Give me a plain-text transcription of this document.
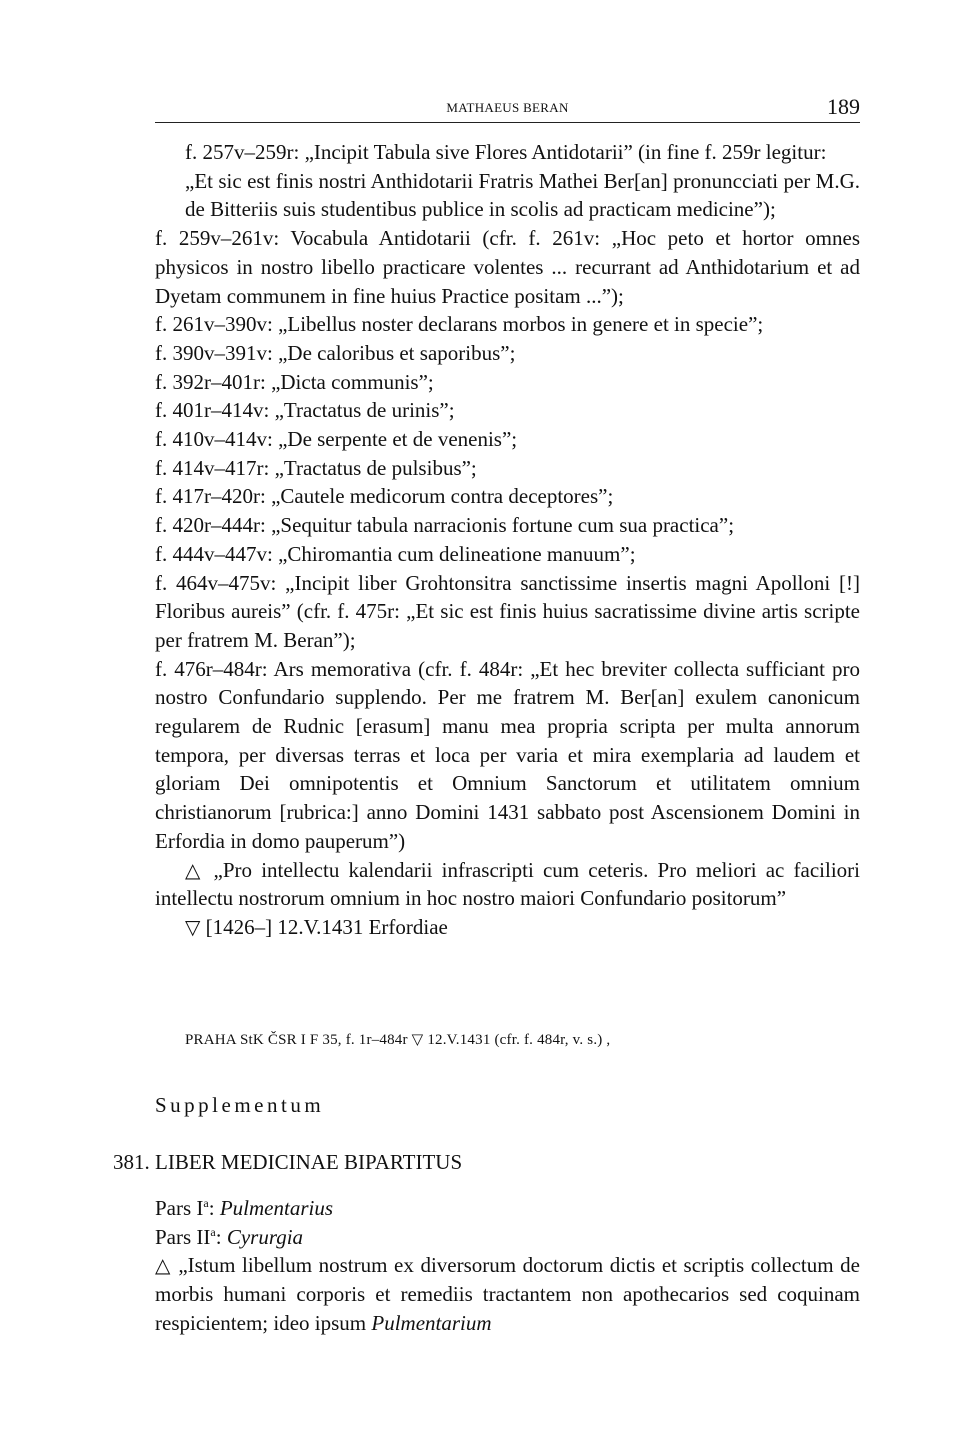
MATHAEUS BERAN	189

f. 257v–259r: „Incipit Tabula sive Flores Antidotarii” (in fine f. 259r legitur:

„Et sic est finis nostri Anthidotarii Fratris Mathei Ber[an] pronuncciati per M.G. de Bitteriis suis studentibus publice in scolis ad practicam medicine”);

f. 259v–261v: Vocabula Antidotarii (cfr. f. 261v: „Hoc peto et hortor omnes physicos in nostro libello practicare volentes ... recurrant ad Anthidotarium et ad Dyetam communem in fine huius Practice positam ...”);

f. 261v–390v: „Libellus noster declarans morbos in genere et in specie”;

f. 390v–391v: „De caloribus et saporibus”;

f. 392r–401r: „Dicta communis”;

f. 401r–414v: „Tractatus de urinis”;

f. 410v–414v: „De serpente et de venenis”;

f. 414v–417r: „Tractatus de pulsibus”;

f. 417r–420r: „Cautele medicorum contra deceptores”;

f. 420r–444r: „Sequitur tabula narracionis fortune cum sua practica”;

f. 444v–447v: „Chiromantia cum delineatione manuum”;

f. 464v–475v: „Incipit liber Grohtonsitra sanctissime insertis magni Apolloni [!] Floribus aureis” (cfr. f. 475r: „Et sic est finis huius sacratissime divine artis scripte per fratrem M. Beran”);

f. 476r–484r: Ars memorativa (cfr. f. 484r: „Et hec breviter collecta sufficiant pro nostro Confundario supplendo. Per me fratrem M. Ber[an] exulem canonicum regularem de Rudnic [erasum] manu mea propria scripta per multa annorum tempora, per diversas terras et loca per varia et mira exemplaria ad laudem et gloriam Dei omnipotentis et Omnium Sanctorum et utilitatem omnium christianorum [rubrica:] anno Domini 1431 sabbato post Ascensionem Domini in Erfordia in domo pauperum”)

△ „Pro intellectu kalendarii infrascripti cum ceteris. Pro meliori ac faciliori intellectu nostrorum omnium in hoc nostro maiori Confundario positorum”

▽ [1426–] 12.V.1431 Erfordiae

PRAHA StK ČSR I F 35, f. 1r–484r ▽ 12.V.1431 (cfr. f. 484r, v. s.) ,
Supplementum
381. LIBER MEDICINAE BIPARTITUS

Pars $I^a$: Pulmentarius

Pars $II^a$: Cyrurgia

△ „Istum libellum nostrum ex diversorum doctorum dictis et scriptis collectum de morbis humani corporis et remediis tractantem non apothecarios sed coquinam respicientem; ideo ipsum Pulmentarium
